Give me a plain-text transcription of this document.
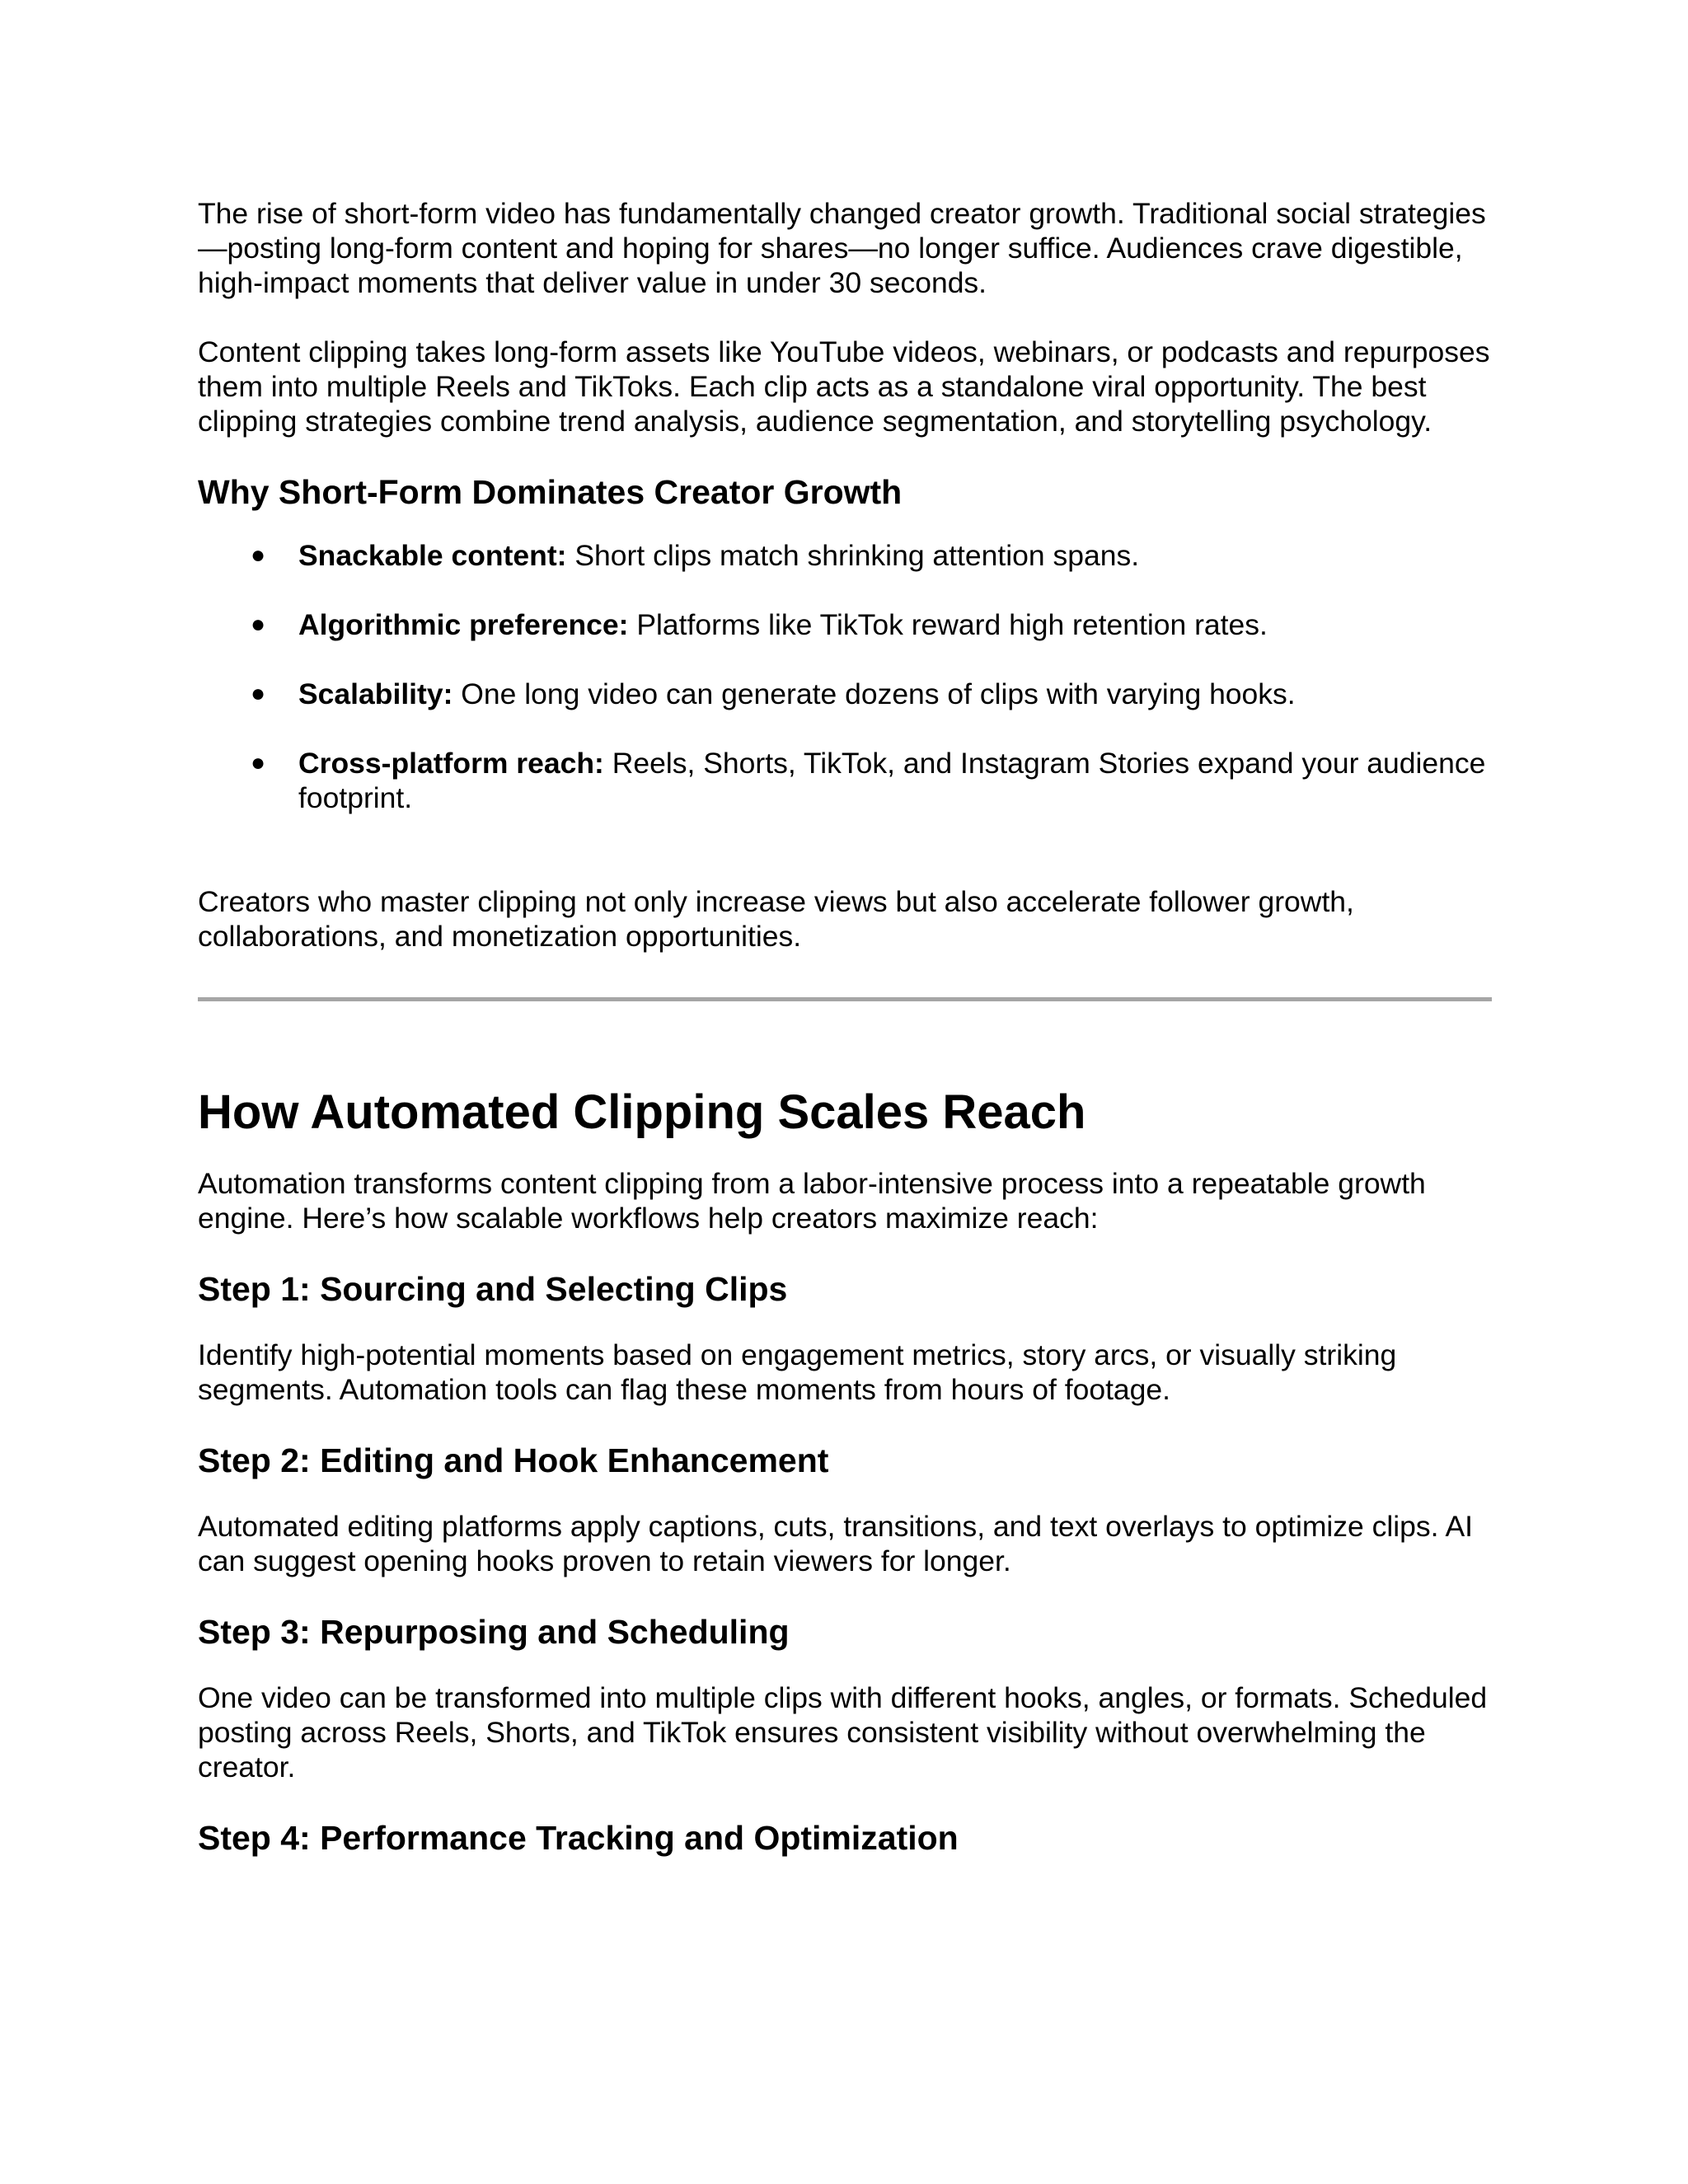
The rise of short-form video has fundamentally changed creator growth. Traditional social strategies—posting long-form content and hoping for shares—no longer suffice. Audiences crave digestible, high-impact moments that deliver value in under 30 seconds.

Content clipping takes long-form assets like YouTube videos, webinars, or podcasts and repurposes them into multiple Reels and TikToks. Each clip acts as a standalone viral opportunity. The best clipping strategies combine trend analysis, audience segmentation, and storytelling psychology.

Why Short-Form Dominates Creator Growth
● Snackable content: Short clips match shrinking attention spans.
● Algorithmic preference: Platforms like TikTok reward high retention rates.
● Scalability: One long video can generate dozens of clips with varying hooks.
● Cross-platform reach: Reels, Shorts, TikTok, and Instagram Stories expand your audience footprint.

Creators who master clipping not only increase views but also accelerate follower growth, collaborations, and monetization opportunities.

How Automated Clipping Scales Reach

Automation transforms content clipping from a labor-intensive process into a repeatable growth engine. Here’s how scalable workflows help creators maximize reach:

Step 1: Sourcing and Selecting Clips

Identify high-potential moments based on engagement metrics, story arcs, or visually striking segments. Automation tools can flag these moments from hours of footage.

Step 2: Editing and Hook Enhancement

Automated editing platforms apply captions, cuts, transitions, and text overlays to optimize clips. AI can suggest opening hooks proven to retain viewers for longer.

Step 3: Repurposing and Scheduling

One video can be transformed into multiple clips with different hooks, angles, or formats. Scheduled posting across Reels, Shorts, and TikTok ensures consistent visibility without overwhelming the creator.

Step 4: Performance Tracking and Optimization
